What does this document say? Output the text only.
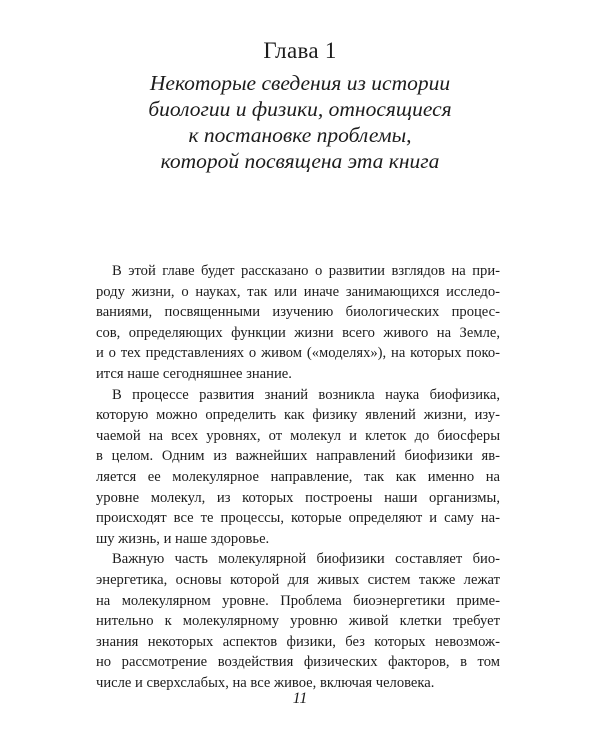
Глава 1
Некоторые сведения из истории
биологии и физики, относящиеся
к постановке проблемы,
которой посвящена эта книга
В этой главе будет рассказано о развитии взглядов на при-
роду жизни, о науках, так или иначе занимающихся исследо-
ваниями, посвященными изучению биологических процес-
сов, определяющих функции жизни всего живого на Земле,
и о тех представлениях о живом («моделях»), на которых поко-
ится наше сегодняшнее знание.
В процессе развития знаний возникла наука биофизика,
которую можно определить как физику явлений жизни, изу-
чаемой на всех уровнях, от молекул и клеток до биосферы
в целом. Одним из важнейших направлений биофизики яв-
ляется ее молекулярное направление, так как именно на
уровне молекул, из которых построены наши организмы,
происходят все те процессы, которые определяют и саму на-
шу жизнь, и наше здоровье.
Важную часть молекулярной биофизики составляет био-
энергетика, основы которой для живых систем также лежат
на молекулярном уровне. Проблема биоэнергетики приме-
нительно к молекулярному уровню живой клетки требует
знания некоторых аспектов физики, без которых невозмож-
но рассмотрение воздействия физических факторов, в том
числе и сверхслабых, на все живое, включая человека.
11
